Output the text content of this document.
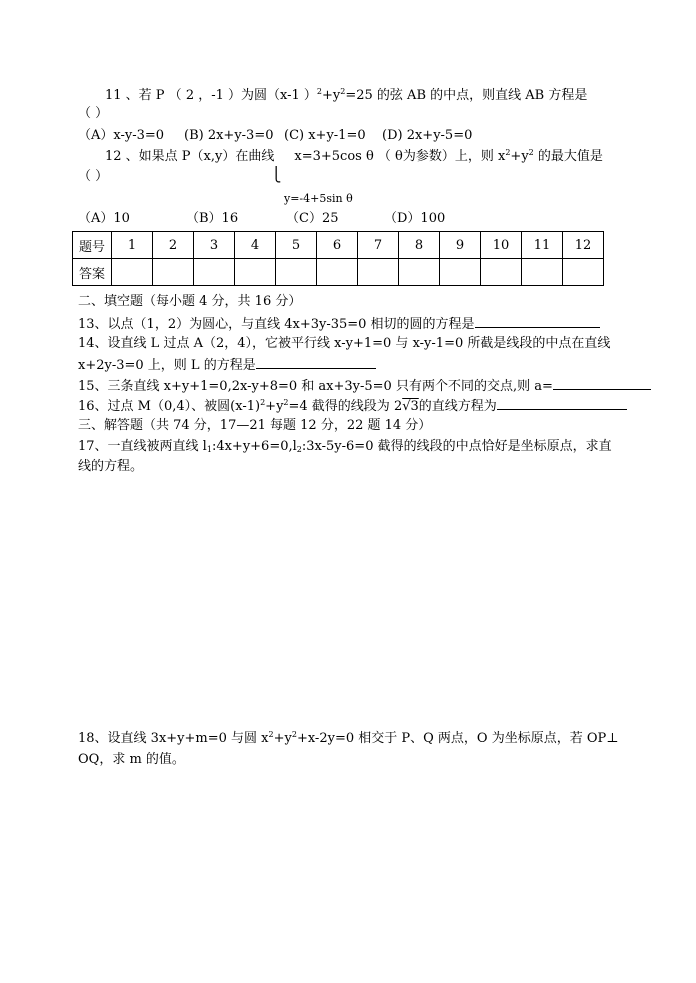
11 、若 P （ 2 ，-1 ）为圆（x-1 ）$^2+y^2=25$ 的弦 AB 的中点，则直线 AB 方程是
（ ）
（A）x-y-3=0 (B) 2x+y-3=0 (C) x+y-1=0 (D) 2x+y-5=0
12 、如果点 P（x,y）在曲线 x=3+5cos θ （ θ为参数）上，则 $x^2+y^2$ 的最大值是
⎩
（ ）
y=-4+5sin θ
（A）10	（B）16	（C）25	（D）100
题号	1	2	3	4	5	6	7	8	9	10	11	12
答案												
二、填空题（每小题 4 分，共 16 分）
13、以点（1，2）为圆心，与直线 4x+3y-35=0 相切的圆的方程是
14、设直线 L 过点 A（2，4），它被平行线 x-y+1=0 与 x-y-1=0 所截是线段的中点在直线
x+2y-3=0 上，则 L 的方程是
15、三条直线 x+y+1=0,2x-y+8=0 和 ax+3y-5=0 只有两个不同的交点,则 a=
16、过点 M（0,4）、被圆$(x-1)^2+y^2=4$ 截得的线段为 2√3的直线方程为
三、解答题（共 74 分，17—21 每题 12 分，22 题 14 分）
17、一直线被两直线 $l_1:4x+y+6=0,l_2:3x-5y-6=0$ 截得的线段的中点恰好是坐标原点，求直
线的方程。
18、设直线 3x+y+m=0 与圆 $x^2+y^2+x-2y=0$ 相交于 P、Q 两点，O 为坐标原点，若 OP⊥
OQ，求 m 的值。
